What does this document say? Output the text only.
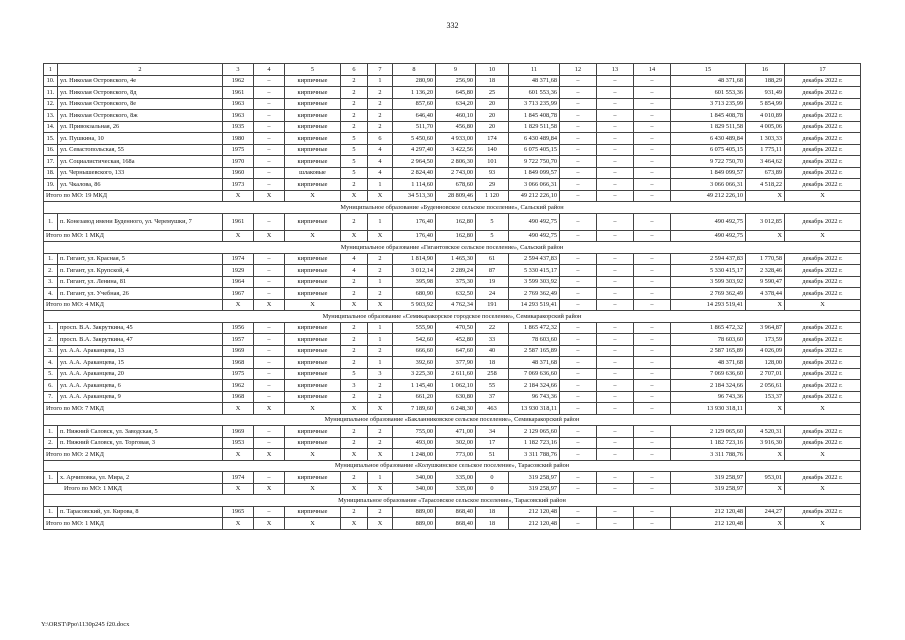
332
1	2	3	4	5	6	7	8	9	10	11	12	13	14	15	16	17
10.	ул. Николая Островского, 4е	1962	–	кирпичные	2	1	280,90	256,90	18	48 371,68	–	–	–	48 371,68	188,29	декабрь 2022 г.
11.	ул. Николая Островского, 8д	1961	–	кирпичные	2	2	1 136,20	645,80	25	601 553,36	–	–	–	601 553,36	931,49	декабрь 2022 г.
12.	ул. Николая Островского, 8е	1963	–	кирпичные	2	2	857,60	634,20	20	3 713 235,99	–	–	–	3 713 235,99	5 854,99	декабрь 2022 г.
13.	ул. Николая Островского, 8ж	1963	–	кирпичные	2	2	646,40	460,10	20	1 845 408,78	–	–	–	1 845 408,78	4 010,89	декабрь 2022 г.
14.	ул. Привокзальная, 26	1935	–	кирпичные	2	2	511,70	456,80	20	1 829 511,58	–	–	–	1 829 511,58	4 005,06	декабрь 2022 г.
15.	ул. Пушкина, 10	1980	–	кирпичные	5	6	5 450,60	4 933,00	174	6 430 489,84	–	–	–	6 430 489,84	1 303,33	декабрь 2022 г.
16.	ул. Севастопольская, 55	1975	–	кирпичные	5	4	4 297,40	3 422,56	140	6 075 405,15	–	–	–	6 075 405,15	1 775,11	декабрь 2022 г.
17.	ул. Социалистическая, 168а	1970	–	кирпичные	5	4	2 964,50	2 806,30	101	9 722 750,70	–	–	–	9 722 750,70	3 464,62	декабрь 2022 г.
18.	ул. Чернышевского, 133	1960	–	шлаковые	5	4	2 824,40	2 743,00	93	1 849 099,57	–	–	–	1 849 099,57	673,89	декабрь 2022 г.
19.	ул. Чкалова, 86	1973	–	кирпичные	2	1	1 114,60	678,60	29	3 066 066,31	–	–	–	3 066 066,31	4 518,22	декабрь 2022 г.
Итого по МО: 19 МКД		X	X	X	X	X	34 513,30	28 809,46	1 120	49 212 226,10	–	–	–	49 212 226,10	X	X
Муниципальное образование «Буденновское сельское поселение», Сальский район																
1.	п. Конезавод имени Буденного, ул. Черемушки, 7	1961	–	кирпичные	2	1	176,40	162,80	5	490 492,75	–	–	–	490 492,75	3 012,85	декабрь 2022 г.
Итого по МО: 1 МКД		X	X	X	X	X	176,40	162,80	5	490 492,75	–	–	–	490 492,75	X	X
Муниципальное образование «Гигантовское сельское поселение», Сальский район																
1.	п. Гигант, ул. Красная, 5	1974	–	кирпичные	4	2	1 814,90	1 465,30	61	2 594 437,83	–	–	–	2 594 437,83	1 770,58	декабрь 2022 г.
2.	п. Гигант, ул. Крупской, 4	1929	–	кирпичные	4	2	3 012,14	2 289,24	87	5 330 415,17	–	–	–	5 330 415,17	2 328,46	декабрь 2022 г.
3.	п. Гигант, ул. Ленина, 81	1964	–	кирпичные	2	1	395,98	375,30	19	3 599 303,92	–	–	–	3 599 303,92	9 590,47	декабрь 2022 г.
4.	п. Гигант, ул. Учебная, 26	1967	–	кирпичные	2	2	680,90	632,50	24	2 769 362,49	–	–	–	2 769 362,49	4 378,44	декабрь 2022 г.
Итого по МО: 4 МКД		X	X	X	X	X	5 903,92	4 762,34	191	14 293 519,41	–	–	–	14 293 519,41	X	X
Муниципальное образование «Семикаракорское городское поселение», Семикаракорский район																
1.	просп. В.А. Закруткина, 45	1956	–	кирпичные	2	1	555,90	470,50	22	1 865 472,32	–	–	–	1 865 472,32	3 964,87	декабрь 2022 г.
2.	просп. В.А. Закруткина, 47	1957	–	кирпичные	2	1	542,60	452,80	33	78 603,60	–	–	–	78 603,60	173,59	декабрь 2022 г.
3.	ул. А.А. Араканцева, 13	1969	–	кирпичные	2	2	666,60	647,60	40	2 587 165,89	–	–	–	2 587 165,89	4 026,09	декабрь 2022 г.
4.	ул. А.А. Араканцева, 15	1968	–	кирпичные	2	1	392,60	377,90	18	48 371,68	–	–	–	48 371,68	128,00	декабрь 2022 г.
5.	ул. А.А. Араканцева, 20	1975	–	кирпичные	5	3	3 225,30	2 611,60	258	7 069 636,60	–	–	–	7 069 636,60	2 707,01	декабрь 2022 г.
6.	ул. А.А. Араканцева, 6	1962	–	кирпичные	3	2	1 145,40	1 062,10	55	2 184 324,66	–	–	–	2 184 324,66	2 056,61	декабрь 2022 г.
7.	ул. А.А. Араканцева, 9	1968	–	кирпичные	2	2	661,20	630,80	37	96 743,36	–	–	–	96 743,36	153,37	декабрь 2022 г.
Итого по МО: 7 МКД		X	X	X	X	X	7 189,60	6 248,30	463	13 930 318,11	–	–	–	13 930 318,11	X	X
Муниципальное образование «Бакланниковское сельское поселение», Семикаракорский район																
1.	п. Нижний Саловск, ул. Заводская, 5	1969	–	кирпичные	2	2	755,00	471,00	34	2 129 065,60	–	–	–	2 129 065,60	4 520,31	декабрь 2022 г.
2.	п. Нижний Саловск, ул. Торговая, 3	1953	–	кирпичные	2	2	493,00	302,00	17	1 182 723,16	–	–	–	1 182 723,16	3 916,30	декабрь 2022 г.
Итого по МО: 2 МКД		X	X	X	X	X	1 248,00	773,00	51	3 311 788,76	–	–	–	3 311 788,76	X	X
Муниципальное образование «Колушкинское сельское поселение», Тарасовский район																
1.	х. Арчиповка, ул. Мира, 2	1974	–	кирпичные	2	1	340,00	335,00	0	319 258,97	–	–	–	319 258,97	953,01	декабрь 2022 г.
Итого по МО: 1 МКД		X	X	X	X	X	340,00	335,00	0	319 258,97	–	–	–	319 258,97	X	X
Муниципальное образование «Тарасовское сельское поселение», Тарасовский район																
1.	п. Тарасовский, ул. Кирова, 8	1965	–	кирпичные	2	2	889,00	868,40	18	212 120,48	–	–	–	212 120,48	244,27	декабрь 2022 г.
Итого по МО: 1 МКД		X	X	X	X	X	889,00	868,40	18	212 120,48	–	–	–	212 120,48	X	X
Y:\ORST\Ppo\1130p245 f20.docx
